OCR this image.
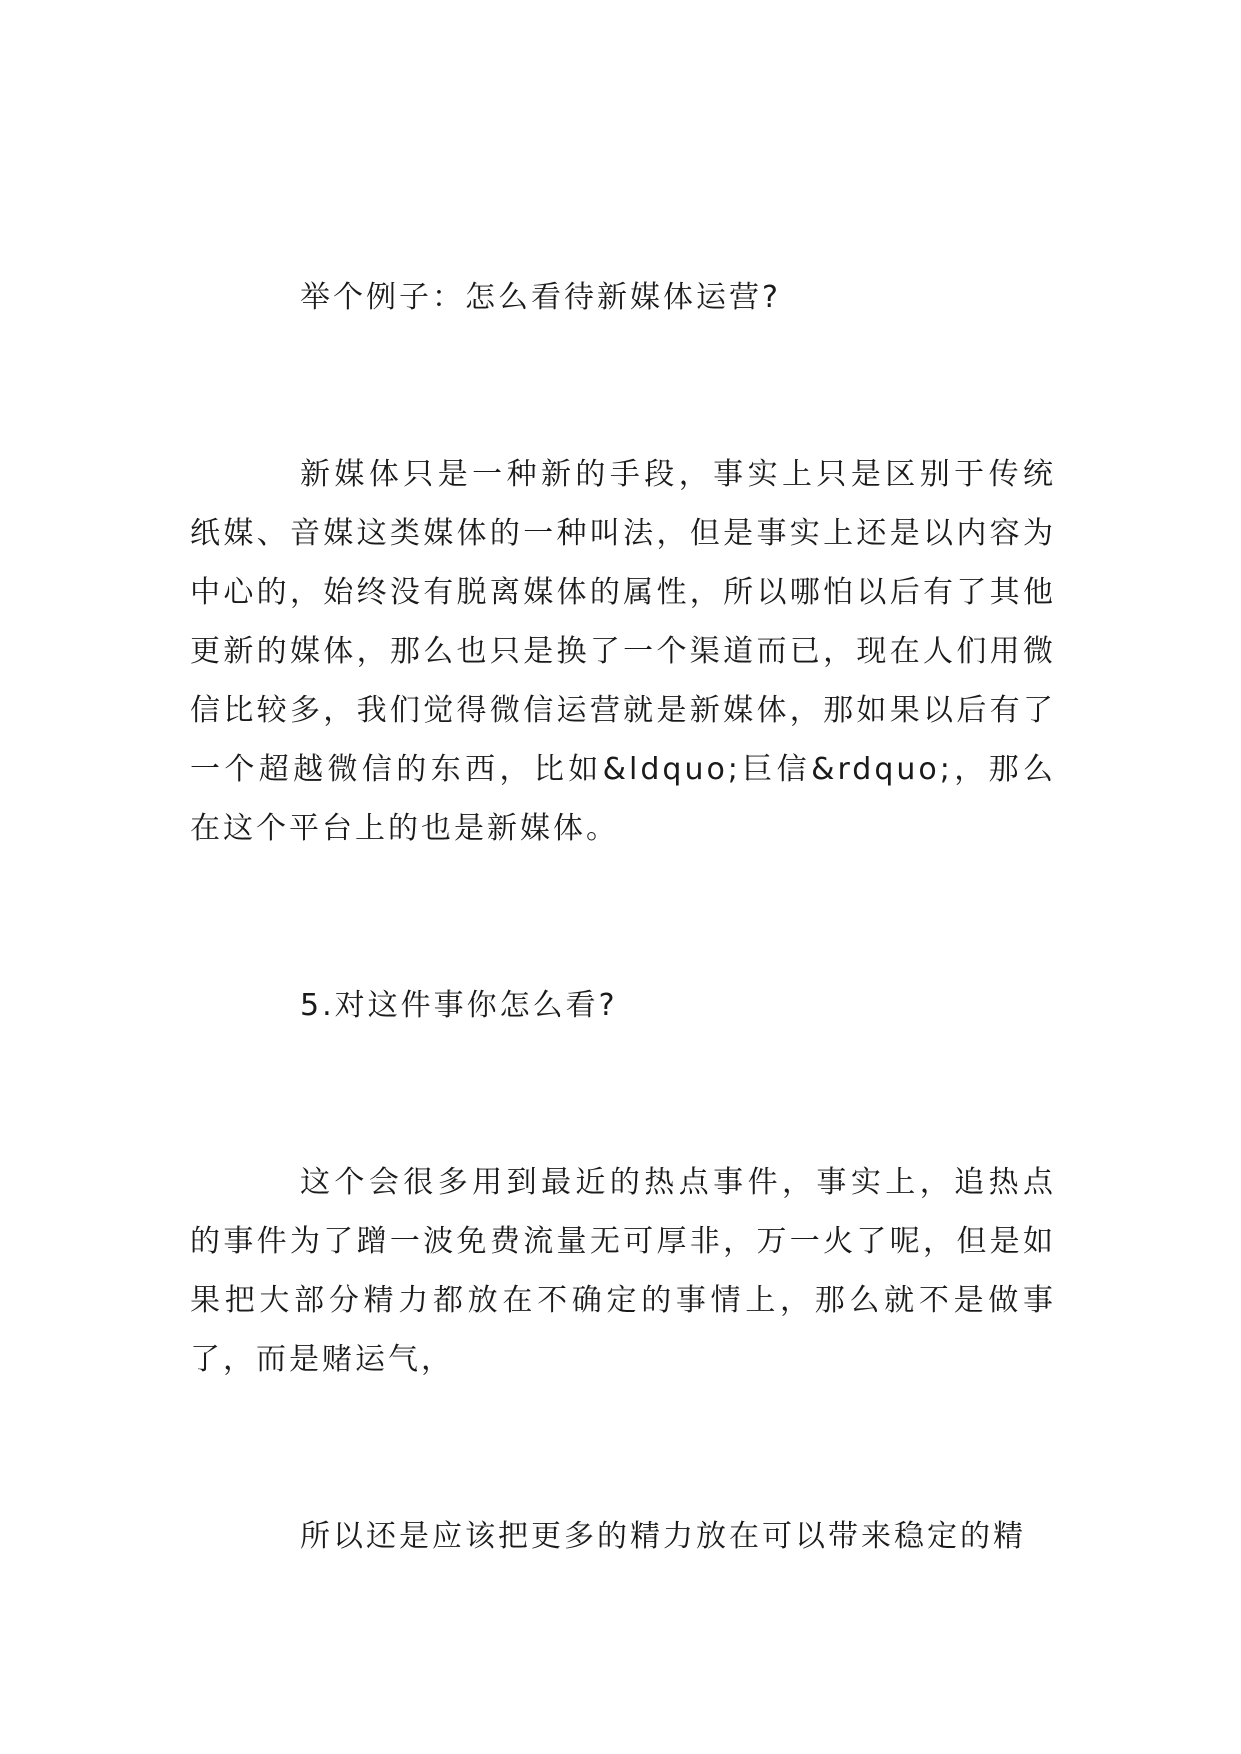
举个例子：怎么看待新媒体运营?

新媒体只是一种新的手段，事实上只是区别于传统纸媒、音媒这类媒体的一种叫法，但是事实上还是以内容为中心的，始终没有脱离媒体的属性，所以哪怕以后有了其他更新的媒体，那么也只是换了一个渠道而已，现在人们用微信比较多，我们觉得微信运营就是新媒体，那如果以后有了一个超越微信的东西，比如&ldquo;巨信&rdquo;，那么在这个平台上的也是新媒体。

5.对这件事你怎么看?

这个会很多用到最近的热点事件，事实上，追热点的事件为了蹭一波免费流量无可厚非，万一火了呢，但是如果把大部分精力都放在不确定的事情上，那么就不是做事了，而是赌运气，

所以还是应该把更多的精力放在可以带来稳定的精
